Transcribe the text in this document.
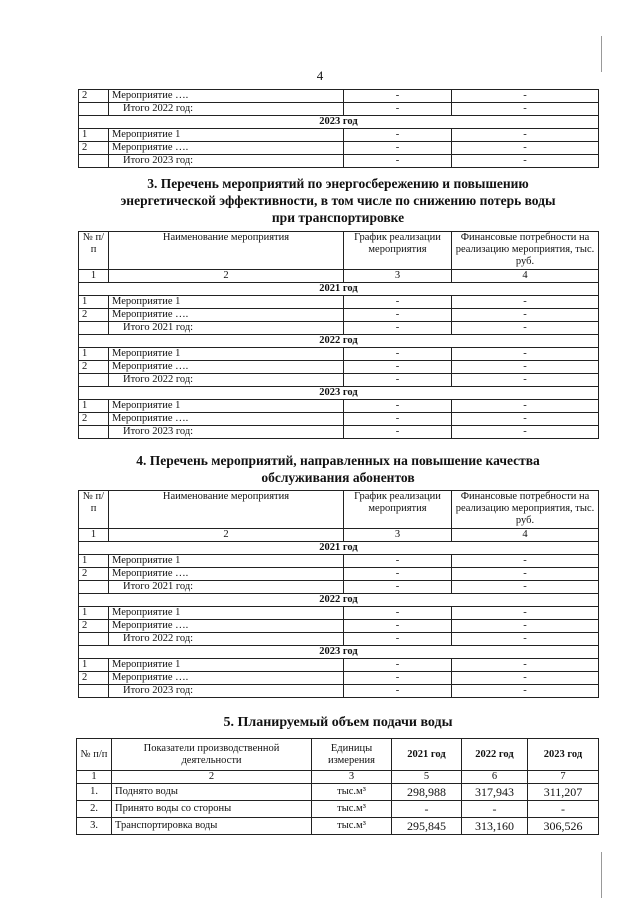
4
2	Мероприятие ….	-	-
	Итого 2022 год:	-	-
2023 год			
1	Мероприятие 1	-	-
2	Мероприятие ….	-	-
	Итого 2023 год:	-	-
3. Перечень мероприятий по энергосбережению и повышению
энергетической эффективности, в том числе по снижению потерь воды
при транспортировке
№ п/п	Наименование мероприятия	График реализации мероприятия	Финансовые потребности на реализацию мероприятия, тыс. руб.
1	2	3	4
2021 год			
1	Мероприятие 1	-	-
2	Мероприятие ….	-	-
	Итого 2021 год:	-	-
2022 год			
1	Мероприятие 1	-	-
2	Мероприятие ….	-	-
	Итого 2022 год:	-	-
2023 год			
1	Мероприятие 1	-	-
2	Мероприятие ….	-	-
	Итого 2023 год:	-	-
4. Перечень мероприятий, направленных на повышение качества
обслуживания абонентов
№ п/п	Наименование мероприятия	График реализации мероприятия	Финансовые потребности на реализацию мероприятия, тыс. руб.
1	2	3	4
2021 год			
1	Мероприятие 1	-	-
2	Мероприятие ….	-	-
	Итого 2021 год:	-	-
2022 год			
1	Мероприятие 1	-	-
2	Мероприятие ….	-	-
	Итого 2022 год:	-	-
2023 год			
1	Мероприятие 1	-	-
2	Мероприятие ….	-	-
	Итого 2023 год:	-	-
5. Планируемый объем подачи воды
№ п/п	Показатели производственной деятельности	Единицы измерения	2021 год	2022 год	2023 год
1	2	3	5	6	7
1.	Поднято воды	тыс.м³	298,988	317,943	311,207
2.	Принято воды со стороны	тыс.м³	-	-	-
3.	Транспортировка воды	тыс.м³	295,845	313,160	306,526
